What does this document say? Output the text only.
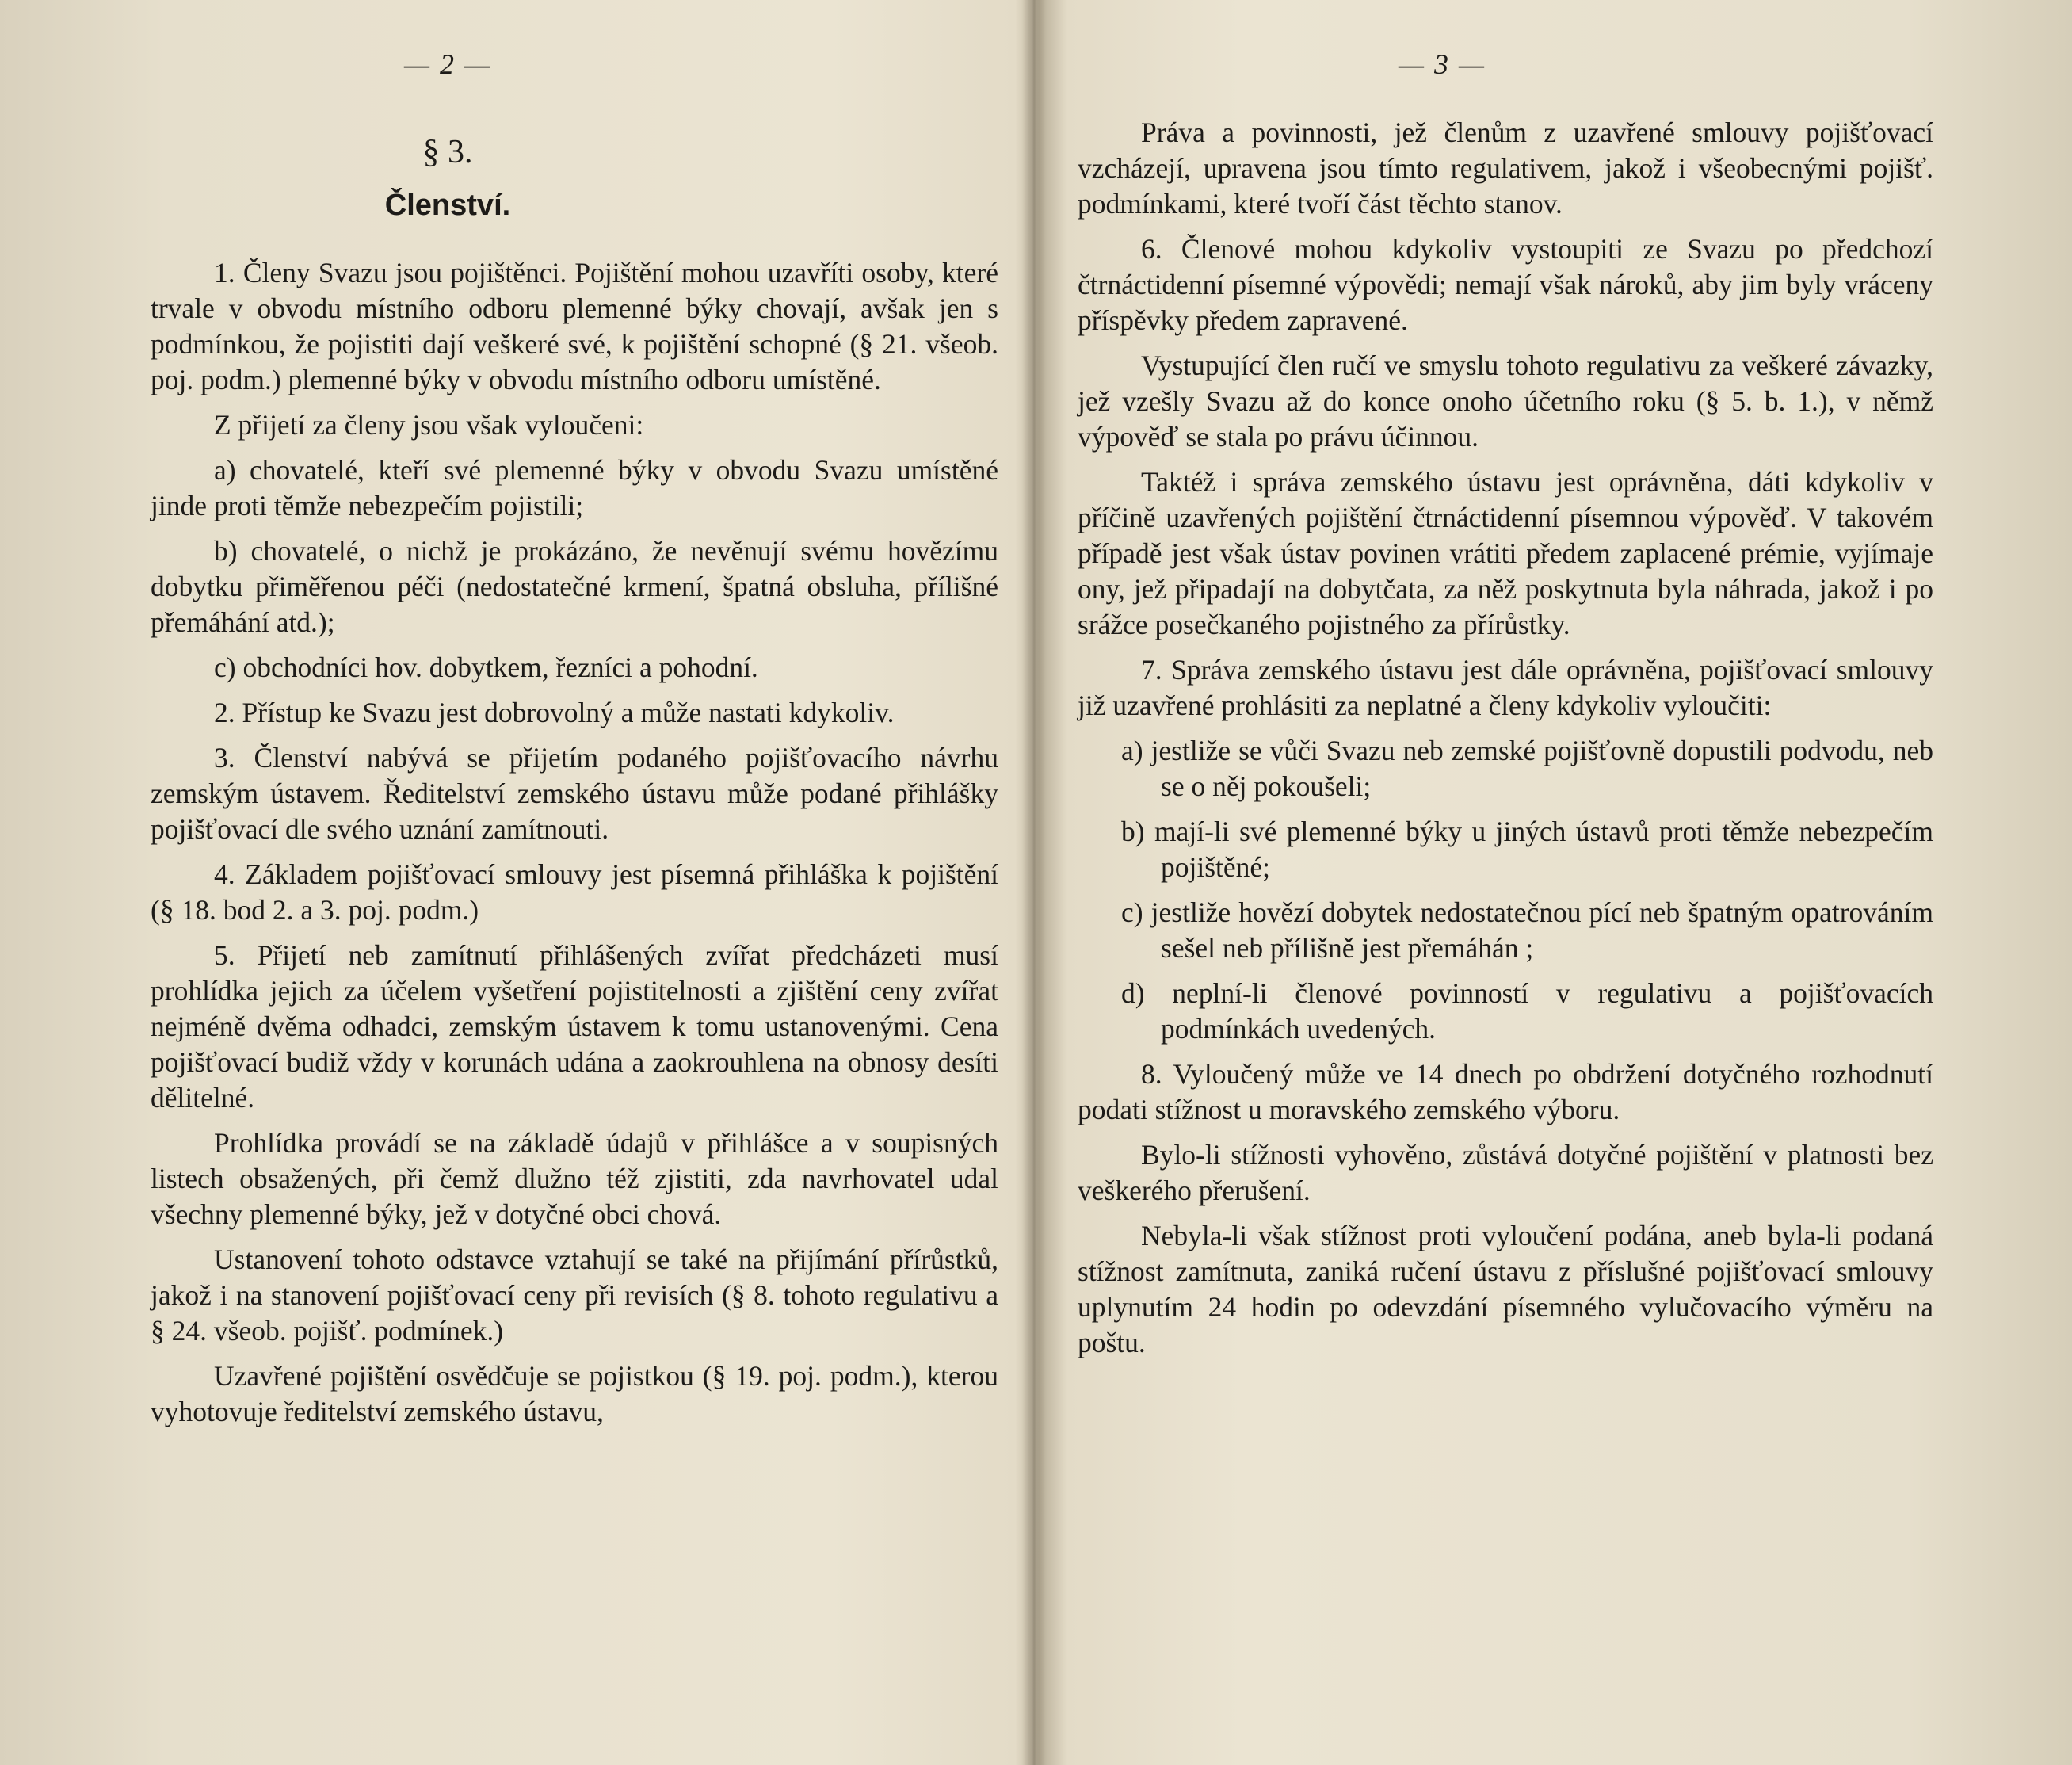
— 2 —
§ 3.
Členství.

1. Členy Svazu jsou pojištěnci. Pojištění mohou uzavříti osoby, které trvale v obvodu místního odboru plemenné býky chovají, avšak jen s podmínkou, že pojistiti dají veškeré své, k pojištění schopné (§ 21. všeob. poj. podm.) plemenné býky v obvodu místního odboru umístěné.

Z přijetí za členy jsou však vyloučeni:

a) chovatelé, kteří své plemenné býky v obvodu Svazu umístěné jinde proti těmže nebezpečím pojistili;

b) chovatelé, o nichž je prokázáno, že nevěnují svému hovězímu dobytku přiměřenou péči (nedostatečné krmení, špatná obsluha, přílišné přemáhání atd.);

c) obchodníci hov. dobytkem, řezníci a pohodní.

2. Přístup ke Svazu jest dobrovolný a může nastati kdykoliv.

3. Členství nabývá se přijetím podaného pojišťovacího návrhu zemským ústavem. Ředitelství zemského ústavu může podané přihlášky pojišťovací dle svého uznání zamítnouti.

4. Základem pojišťovací smlouvy jest písemná přihláška k pojištění (§ 18. bod 2. a 3. poj. podm.)

5. Přijetí neb zamítnutí přihlášených zvířat předcházeti musí prohlídka jejich za účelem vyšetření pojistitelnosti a zjištění ceny zvířat nejméně dvěma odhadci, zemským ústavem k tomu ustanovenými. Cena pojišťovací budiž vždy v korunách udána a zaokrouhlena na obnosy desíti dělitelné.

Prohlídka provádí se na základě údajů v přihlášce a v soupisných listech obsažených, při čemž dlužno též zjistiti, zda navrhovatel udal všechny plemenné býky, jež v dotyčné obci chová.

Ustanovení tohoto odstavce vztahují se také na přijímání přírůstků, jakož i na stanovení pojišťovací ceny při revisích (§ 8. tohoto regulativu a § 24. všeob. pojišť. podmínek.)

Uzavřené pojištění osvědčuje se pojistkou (§ 19. poj. podm.), kterou vyhotovuje ředitelství zemského ústavu,

— 3 —

Práva a povinnosti, jež členům z uzavřené smlouvy pojišťovací vzcházejí, upravena jsou tímto regulativem, jakož i všeobecnými pojišť. podmínkami, které tvoří část těchto stanov.

6. Členové mohou kdykoliv vystoupiti ze Svazu po předchozí čtrnáctidenní písemné výpovědi; nemají však nároků, aby jim byly vráceny příspěvky předem zapravené.

Vystupující člen ručí ve smyslu tohoto regulativu za veškeré závazky, jež vzešly Svazu až do konce onoho účetního roku (§ 5. b. 1.), v němž výpověď se stala po právu účinnou.

Taktéž i správa zemského ústavu jest oprávněna, dáti kdykoliv v příčině uzavřených pojištění čtrnáctidenní písemnou výpověď. V takovém případě jest však ústav povinen vrátiti předem zaplacené prémie, vyjímaje ony, jež připadají na dobytčata, za něž poskytnuta byla náhrada, jakož i po srážce posečkaného pojistného za přírůstky.

7. Správa zemského ústavu jest dále oprávněna, pojišťovací smlouvy již uzavřené prohlásiti za neplatné a členy kdykoliv vyloučiti:

a) jestliže se vůči Svazu neb zemské pojišťovně dopustili podvodu, neb se o něj pokoušeli;

b) mají-li své plemenné býky u jiných ústavů proti těmže nebezpečím pojištěné;

c) jestliže hovězí dobytek nedostatečnou pící neb špatným opatrováním sešel neb přílišně jest přemáhán ;

d) neplní-li členové povinností v regulativu a pojišťovacích podmínkách uvedených.

8. Vyloučený může ve 14 dnech po obdržení dotyčného rozhodnutí podati stížnost u moravského zemského výboru.

Bylo-li stížnosti vyhověno, zůstává dotyčné pojištění v platnosti bez veškerého přerušení.

Nebyla-li však stížnost proti vyloučení podána, aneb byla-li podaná stížnost zamítnuta, zaniká ručení ústavu z příslušné pojišťovací smlouvy uplynutím 24 hodin po odevzdání písemného vylučovacího výměru na poštu.
